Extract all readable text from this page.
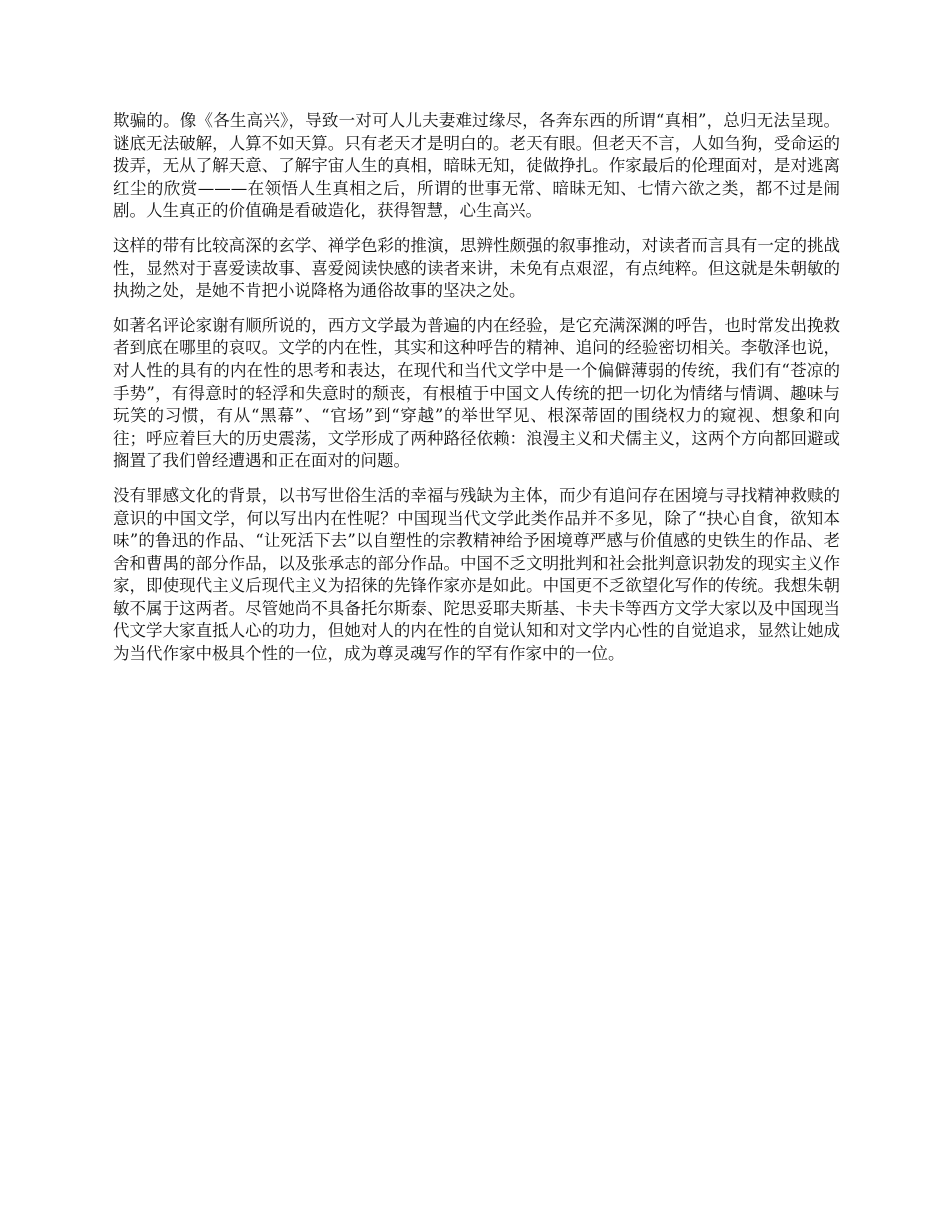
欺骗的。像《各生高兴》，导致一对可人儿夫妻难过缘尽，各奔东西的所谓“真相”，总归无法呈现。谜底无法破解，人算不如天算。只有老天才是明白的。老天有眼。但老天不言，人如刍狗，受命运的拨弄，无从了解天意、了解宇宙人生的真相，暗昧无知，徒做挣扎。作家最后的伦理面对，是对逃离红尘的欣赏———在领悟人生真相之后，所谓的世事无常、暗昧无知、七情六欲之类，都不过是闹剧。人生真正的价值确是看破造化，获得智慧，心生高兴。

这样的带有比较高深的玄学、禅学色彩的推演，思辨性颇强的叙事推动，对读者而言具有一定的挑战性，显然对于喜爱读故事、喜爱阅读快感的读者来讲，未免有点艰涩，有点纯粹。但这就是朱朝敏的执拗之处，是她不肯把小说降格为通俗故事的坚决之处。

如著名评论家谢有顺所说的，西方文学最为普遍的内在经验，是它充满深渊的呼告，也时常发出挽救者到底在哪里的哀叹。文学的内在性，其实和这种呼告的精神、追问的经验密切相关。李敬泽也说，对人性的具有的内在性的思考和表达，在现代和当代文学中是一个偏僻薄弱的传统，我们有“苍凉的手势”，有得意时的轻浮和失意时的颓丧，有根植于中国文人传统的把一切化为情绪与情调、趣味与玩笑的习惯，有从“黑幕”、“官场”到“穿越”的举世罕见、根深蒂固的围绕权力的窥视、想象和向往；呼应着巨大的历史震荡，文学形成了两种路径依赖：浪漫主义和犬儒主义，这两个方向都回避或搁置了我们曾经遭遇和正在面对的问题。

没有罪感文化的背景，以书写世俗生活的幸福与残缺为主体，而少有追问存在困境与寻找精神救赎的意识的中国文学，何以写出内在性呢？中国现当代文学此类作品并不多见，除了“抉心自食，欲知本味”的鲁迅的作品、“让死活下去”以自塑性的宗教精神给予困境尊严感与价值感的史铁生的作品、老舍和曹禺的部分作品，以及张承志的部分作品。中国不乏文明批判和社会批判意识勃发的现实主义作家，即使现代主义后现代主义为招徕的先锋作家亦是如此。中国更不乏欲望化写作的传统。我想朱朝敏不属于这两者。尽管她尚不具备托尔斯泰、陀思妥耶夫斯基、卡夫卡等西方文学大家以及中国现当代文学大家直抵人心的功力，但她对人的内在性的自觉认知和对文学内心性的自觉追求，显然让她成为当代作家中极具个性的一位，成为尊灵魂写作的罕有作家中的一位。
